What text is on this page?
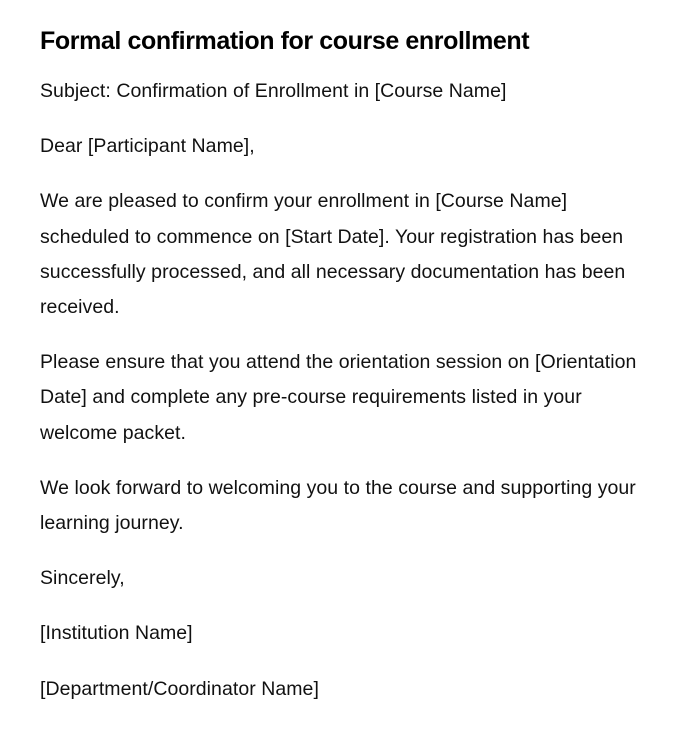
Formal confirmation for course enrollment

Subject: Confirmation of Enrollment in [Course Name]

Dear [Participant Name],

We are pleased to confirm your enrollment in [Course Name] scheduled to commence on [Start Date]. Your registration has been successfully processed, and all necessary documentation has been received.

Please ensure that you attend the orientation session on [Orientation Date] and complete any pre-course requirements listed in your welcome packet.

We look forward to welcoming you to the course and supporting your learning journey.

Sincerely,

[Institution Name]

[Department/Coordinator Name]
